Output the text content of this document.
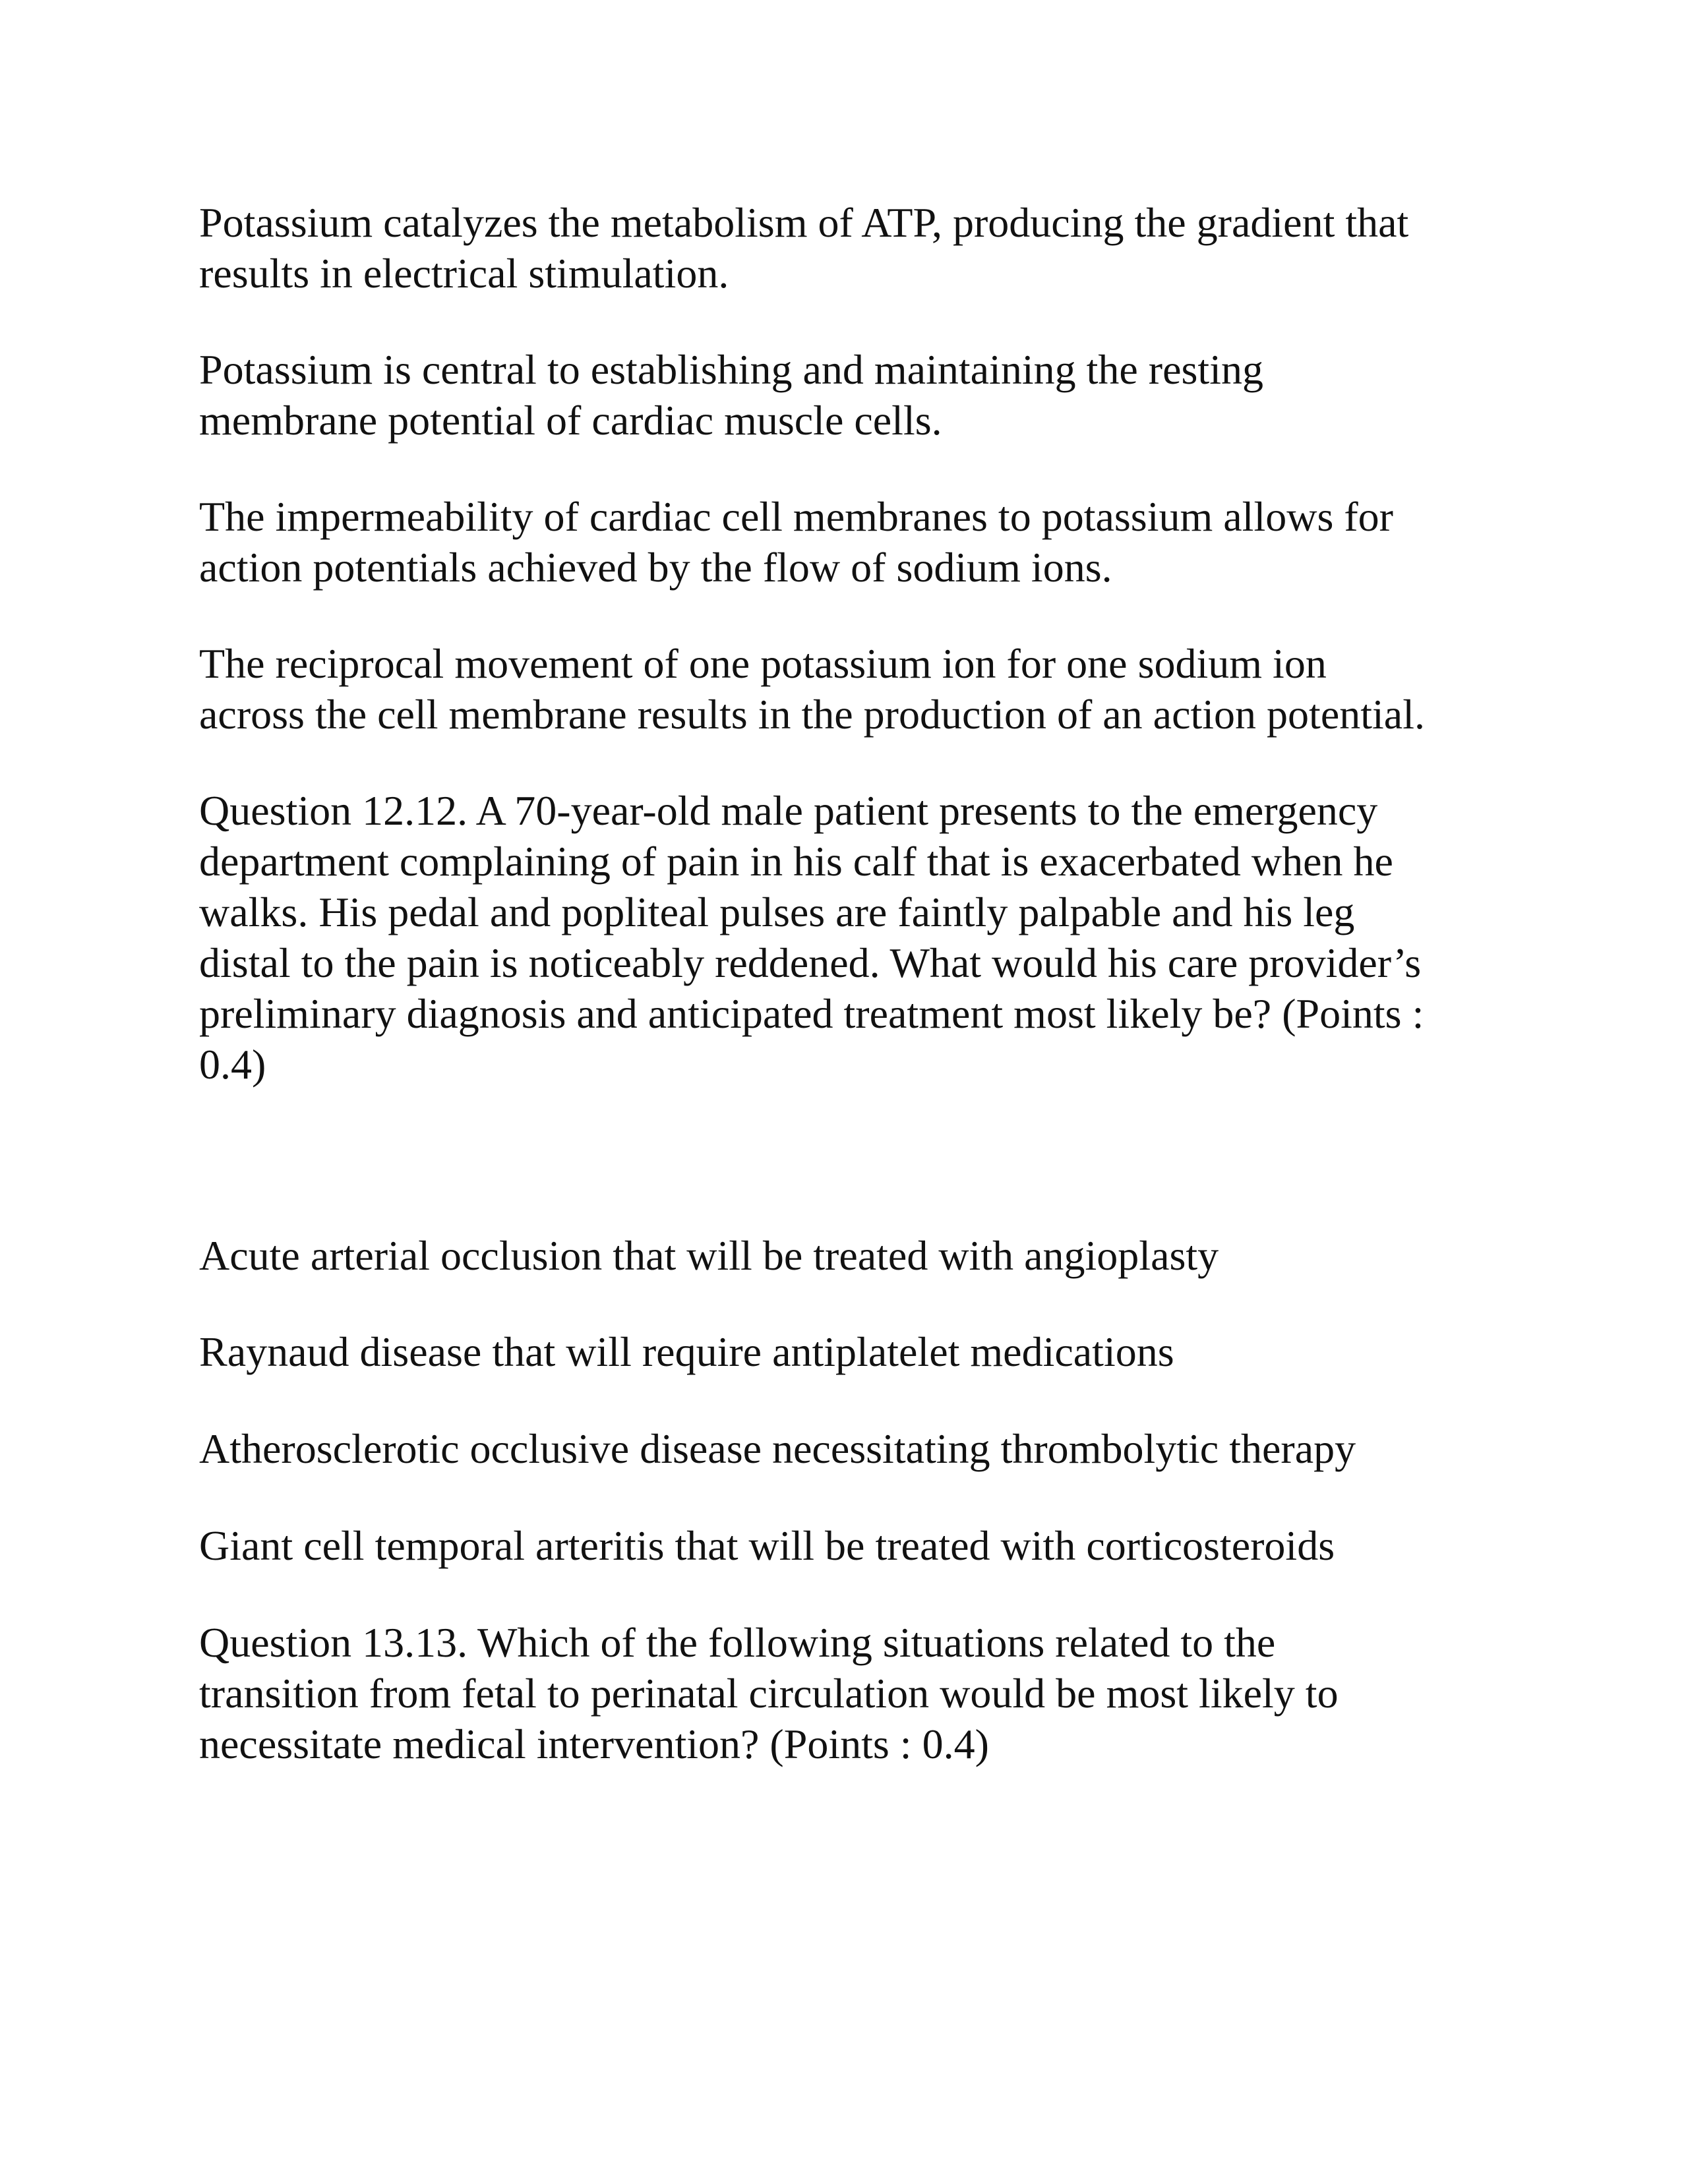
Potassium catalyzes the metabolism of ATP, producing the gradient that
results in electrical stimulation.

Potassium is central to establishing and maintaining the resting
membrane potential of cardiac muscle cells.

The impermeability of cardiac cell membranes to potassium allows for
action potentials achieved by the flow of sodium ions.

The reciprocal movement of one potassium ion for one sodium ion
across the cell membrane results in the production of an action potential.

Question 12.12. A 70-year-old male patient presents to the emergency
department complaining of pain in his calf that is exacerbated when he
walks. His pedal and popliteal pulses are faintly palpable and his leg
distal to the pain is noticeably reddened. What would his care provider’s
preliminary diagnosis and anticipated treatment most likely be? (Points :
0.4)

Acute arterial occlusion that will be treated with angioplasty

Raynaud disease that will require antiplatelet medications

Atherosclerotic occlusive disease necessitating thrombolytic therapy

Giant cell temporal arteritis that will be treated with corticosteroids

Question 13.13. Which of the following situations related to the
transition from fetal to perinatal circulation would be most likely to
necessitate medical intervention? (Points : 0.4)
